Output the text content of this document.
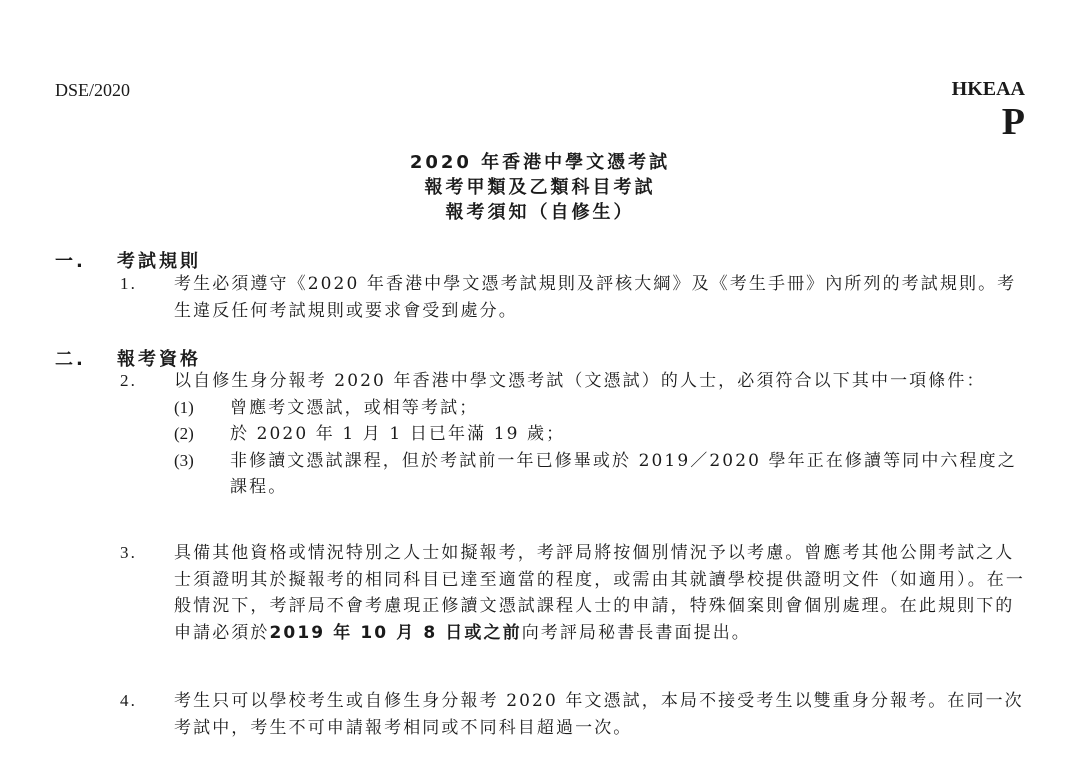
DSE/2020	HKEAA
P
2020 年香港中學文憑考試
報考甲類及乙類科目考試
報考須知（自修生）
一. 考試規則
1. 考生必須遵守《2020 年香港中學文憑考試規則及評核大綱》及《考生手冊》內所列的考試規則。考生違反任何考試規則或要求會受到處分。
二. 報考資格
2. 以自修生身分報考 2020 年香港中學文憑考試（文憑試）的人士，必須符合以下其中一項條件：
(1) 曾應考文憑試，或相等考試；
(2) 於 2020 年 1 月 1 日已年滿 19 歲；
(3) 非修讀文憑試課程，但於考試前一年已修畢或於 2019／2020 學年正在修讀等同中六程度之課程。
3. 具備其他資格或情況特別之人士如擬報考，考評局將按個別情況予以考慮。曾應考其他公開考試之人士須證明其於擬報考的相同科目已達至適當的程度，或需由其就讀學校提供證明文件（如適用）。在一般情況下，考評局不會考慮現正修讀文憑試課程人士的申請，特殊個案則會個別處理。在此規則下的申請必須於2019 年 10 月 8 日或之前向考評局秘書長書面提出。
4. 考生只可以學校考生或自修生身分報考 2020 年文憑試，本局不接受考生以雙重身分報考。在同一次考試中，考生不可申請報考相同或不同科目超過一次。
